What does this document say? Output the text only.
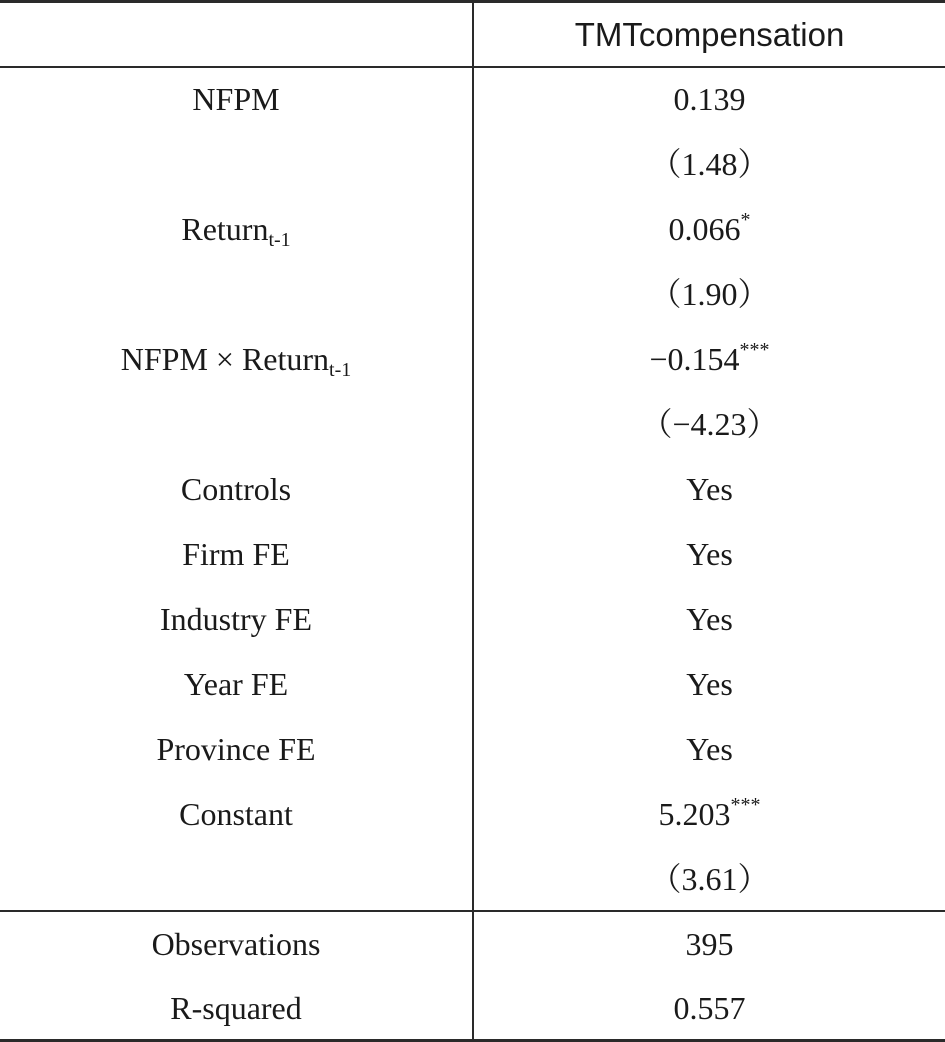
TMTcompensation
NFPM	0.139
（1.48）
Return$_{t-1}$	0.066*
（1.90）
NFPM × Return$_{t-1}$	−0.154***
（−4.23）
Controls	Yes
Firm FE	Yes
Industry FE	Yes
Year FE	Yes
Province FE	Yes
Constant	5.203***
（3.61）
Observations	395
R-squared	0.557
